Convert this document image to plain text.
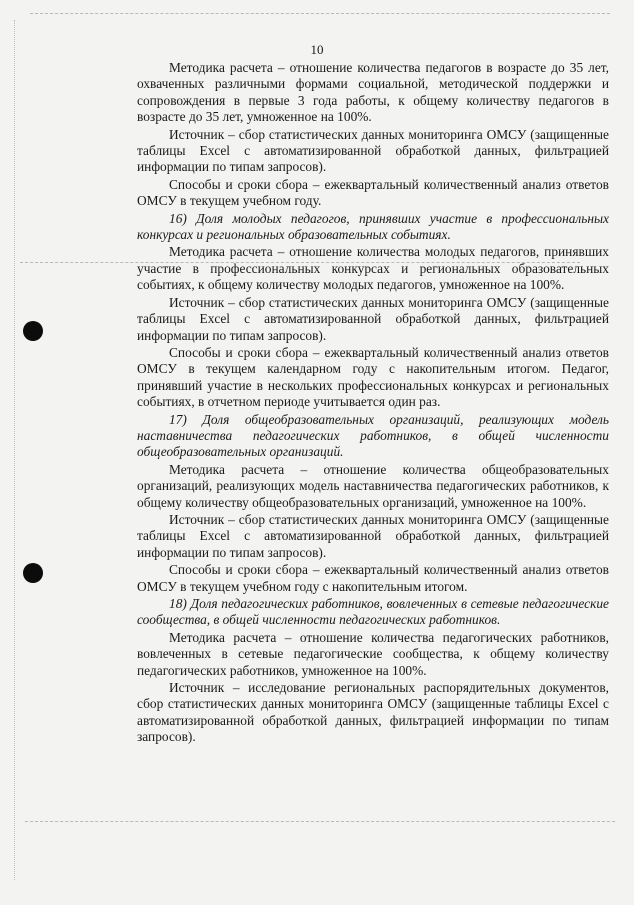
10

Методика расчета – отношение количества педагогов в возрасте до 35 лет, охваченных различными формами социальной, методической поддержки и сопровождения в первые 3 года работы, к общему количеству педагогов в возрасте до 35 лет, умноженное на 100%.

Источник – сбор статистических данных мониторинга ОМСУ (защищенные таблицы Excel с автоматизированной обработкой данных, фильтрацией информации по типам запросов).

Способы и сроки сбора – ежеквартальный количественный анализ ответов ОМСУ в текущем учебном году.

16) Доля молодых педагогов, принявших участие в профессиональных конкурсах и региональных образовательных событиях.

Методика расчета – отношение количества молодых педагогов, принявших участие в профессиональных конкурсах и региональных образовательных событиях, к общему количеству молодых педагогов, умноженное на 100%.

Источник – сбор статистических данных мониторинга ОМСУ (защищенные таблицы Excel с автоматизированной обработкой данных, фильтрацией информации по типам запросов).

Способы и сроки сбора – ежеквартальный количественный анализ ответов ОМСУ в текущем календарном году с накопительным итогом. Педагог, принявший участие в нескольких профессиональных конкурсах и региональных событиях, в отчетном периоде учитывается один раз.

17) Доля общеобразовательных организаций, реализующих модель наставничества педагогических работников, в общей численности общеобразовательных организаций.

Методика расчета – отношение количества общеобразовательных организаций, реализующих модель наставничества педагогических работников, к общему количеству общеобразовательных организаций, умноженное на 100%.

Источник – сбор статистических данных мониторинга ОМСУ (защищенные таблицы Excel с автоматизированной обработкой данных, фильтрацией информации по типам запросов).

Способы и сроки сбора – ежеквартальный количественный анализ ответов ОМСУ в текущем учебном году с накопительным итогом.

18) Доля педагогических работников, вовлеченных в сетевые педагогические сообщества, в общей численности педагогических работников.

Методика расчета – отношение количества педагогических работников, вовлеченных в сетевые педагогические сообщества, к общему количеству педагогических работников, умноженное на 100%.

Источник – исследование региональных распорядительных документов, сбор статистических данных мониторинга ОМСУ (защищенные таблицы Excel с автоматизированной обработкой данных, фильтрацией информации по типам запросов).
